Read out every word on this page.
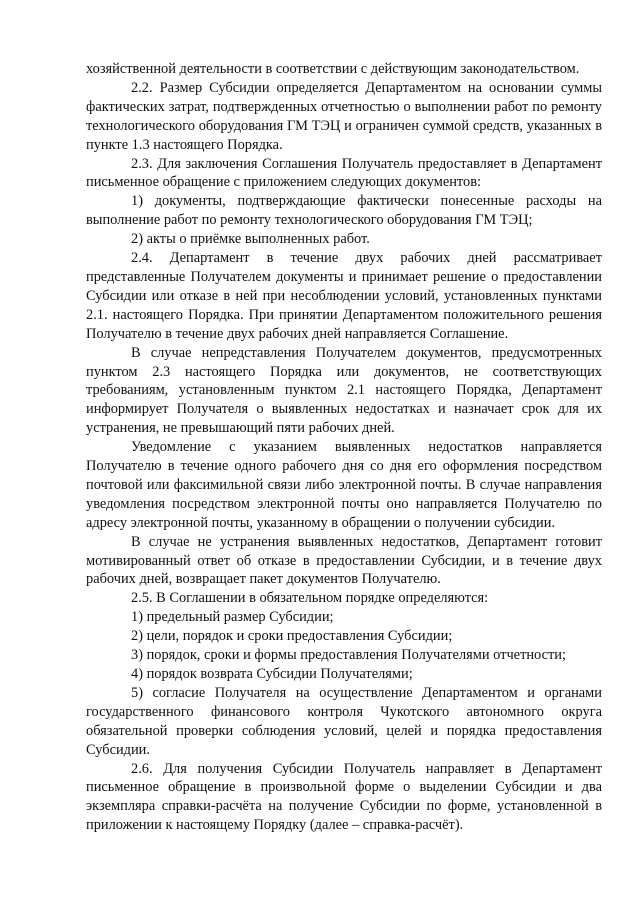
хозяйственной деятельности в соответствии с действующим законодательством.

2.2. Размер Субсидии определяется Департаментом на основании суммы фактических затрат, подтвержденных отчетностью о выполнении работ по ремонту технологического оборудования ГМ ТЭЦ и ограничен суммой средств, указанных в пункте 1.3 настоящего Порядка.

2.3. Для заключения Соглашения Получатель предоставляет в Департамент письменное обращение с приложением следующих документов:

1) документы, подтверждающие фактически понесенные расходы на выполнение работ по ремонту технологического оборудования ГМ ТЭЦ;

2) акты о приёмке выполненных работ.

2.4. Департамент в течение двух рабочих дней рассматривает представленные Получателем документы и принимает решение о предоставлении Субсидии или отказе в ней при несоблюдении условий, установленных пунктами 2.1. настоящего Порядка. При принятии Департаментом положительного решения Получателю в течение двух рабочих дней направляется Соглашение.

В случае непредставления Получателем документов, предусмотренных пунктом 2.3 настоящего Порядка или документов, не соответствующих требованиям, установленным пунктом 2.1 настоящего Порядка, Департамент информирует Получателя о выявленных недостатках и назначает срок для их устранения, не превышающий пяти рабочих дней.

Уведомление с указанием выявленных недостатков направляется Получателю в течение одного рабочего дня со дня его оформления посредством почтовой или факсимильной связи либо электронной почты. В случае направления уведомления посредством электронной почты оно направляется Получателю по адресу электронной почты, указанному в обращении о получении субсидии.

В случае не устранения выявленных недостатков, Департамент готовит мотивированный ответ об отказе в предоставлении Субсидии, и в течение двух рабочих дней, возвращает пакет документов Получателю.

2.5. В Соглашении в обязательном порядке определяются:

1) предельный размер Субсидии;

2) цели, порядок и сроки предоставления Субсидии;

3) порядок, сроки и формы предоставления Получателями отчетности;

4) порядок возврата Субсидии Получателями;

5) согласие Получателя на осуществление Департаментом и органами государственного финансового контроля Чукотского автономного округа обязательной проверки соблюдения условий, целей и порядка предоставления Субсидии.

2.6. Для получения Субсидии Получатель направляет в Департамент письменное обращение в произвольной форме о выделении Субсидии и два экземпляра справки-расчёта на получение Субсидии по форме, установленной в приложении к настоящему Порядку (далее – справка-расчёт).
